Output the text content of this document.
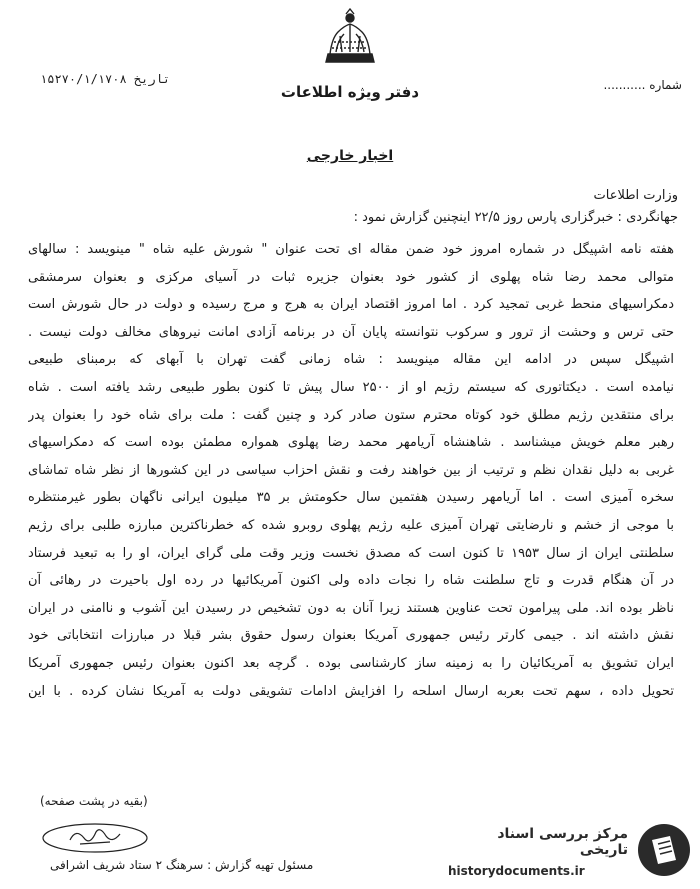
دفتر ویژه اطلاعات
۱۵۲۷۰/۱/۱۷۰۸ تاریخ	شماره ...........
اخبار خارجی
وزارت اطلاعات
جهانگردی : خبرگزاری پارس روز ۲۲/۵ اینچنین گزارش نمود :
هفته نامه اشپیگل در شماره امروز خود ضمن مقاله ای تحت عنوان " شورش علیه شاه " مینویسد : سالهای
متوالی محمد رضا شاه پهلوی از کشور خود بعنوان جزیره ثبات در آسیای مرکزی و بعنوان سرمشقی
دمکراسیهای منحط غربی تمجید کرد . اما امروز اقتصاد ایران به هرج و مرج رسیده و دولت در حال شورش است
حتی ترس و وحشت از ترور و سرکوب نتوانسته پایان آن در برنامه آزادی امانت نیروهای مخالف دولت نیست .
اشپیگل سپس در ادامه این مقاله مینویسد : شاه زمانی گفت تهران با آبهای که برمبنای طبیعی
نیامده است . دیکتاتوری که سیستم رژیم او از ۲۵۰۰ سال پیش تا کنون بطور طبیعی رشد یافته است . شاه
برای منتقدین رژیم مطلق خود کوتاه محترم ستون صادر کرد و چنین گفت : ملت برای شاه خود را بعنوان پدر
رهبر معلم خویش میشناسد . شاهنشاه آریامهر محمد رضا پهلوی همواره مطمئن بوده است که دمکراسیهای
غربی به دلیل نقدان نظم و ترتیب از بین خواهند رفت و نقش احزاب سیاسی در این کشورها از نظر شاه تماشای
سخره آمیزی است . اما آریامهر رسیدن هفتمین سال حکومتش بر ۳۵ میلیون ایرانی ناگهان بطور غیرمنتظره
با موجی از خشم و نارضایتی تهران آمیزی علیه رژیم پهلوی روبرو شده که خطرناکترین مبارزه طلبی برای رژیم
سلطنتی ایران از سال ۱۹۵۳ تا کنون است که مصدق نخست وزیر وقت ملی گرای ایران، او را به تبعید فرستاد
در آن هنگام قدرت و تاج سلطنت شاه را نجات داده ولی اکنون آمریکائیها در رده اول باحیرت در رهائی آن
ناظر بوده اند. ملی پیرامون تحت عناوین هستند زیرا آنان به دون تشخیص در رسیدن این آشوب و ناامنی در ایران
نقش داشته اند . جیمی کارتر رئیس جمهوری آمریکا بعنوان رسول حقوق بشر قبلا در مبارزات انتخاباتی خود
ایران تشویق به آمریکائیان را به زمینه ساز کارشناسی بوده . گرچه بعد اکنون بعنوان رئیس جمهوری آمریکا
تحویل داده ، سهم تحت بعربه ارسال اسلحه را افزایش ادامات تشویقی دولت به آمریکا نشان کرده . با این
(بقیه در پشت صفحه)
مسئول تهیه گزارش : سرهنگ ۲ ستاد شریف اشرافی
مرکز بررسی اسناد تاریخی
historydocuments.ir
